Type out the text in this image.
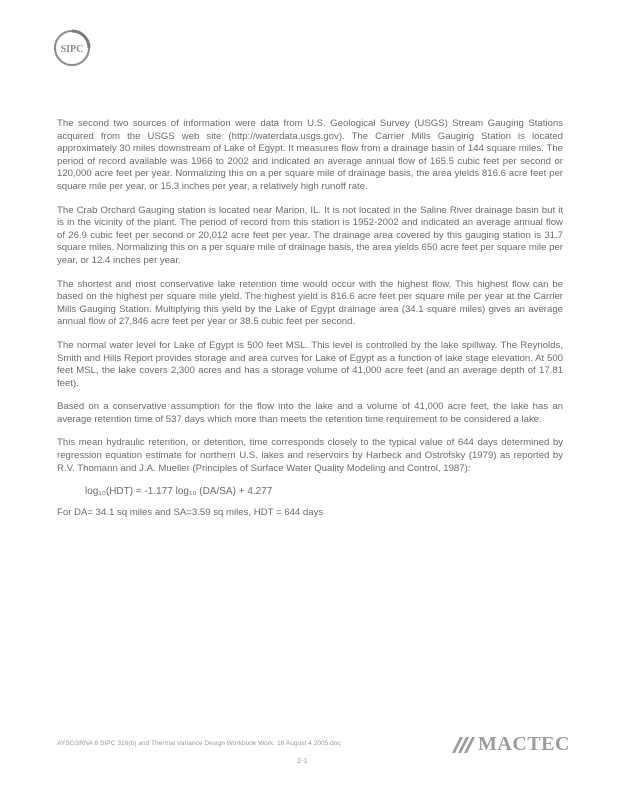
SIPC

The second two sources of information were data from U.S. Geological Survey (USGS) Stream Gauging Stations acquired from the USGS web site (http://waterdata.usgs.gov). The Carrier Mills Gauging Station is located approximately 30 miles downstream of Lake of Egypt. It measures flow from a drainage basin of 144 square miles. The period of record available was 1966 to 2002 and indicated an average annual flow of 165.5 cubic feet per second or 120,000 acre feet per year. Normalizing this on a per square mile of drainage basis, the area yields 816.6 acre feet per square mile per year, or 15.3 inches per year, a relatively high runoff rate.

The Crab Orchard Gauging station is located near Marion, IL. It is not located in the Saline River drainage basin but it is in the vicinity of the plant. The period of record from this station is 1952-2002 and indicated an average annual flow of 26.9 cubic feet per second or 20,012 acre feet per year. The drainage area covered by this gauging station is 31.7 square miles. Normalizing this on a per square mile of drainage basis, the area yields 650 acre feet per square mile per year, or 12.4 inches per year.

The shortest and most conservative lake retention time would occur with the highest flow. This highest flow can be based on the highest per square mile yield. The highest yield is 816.6 acre feet per square mile per year at the Carrier Mills Gauging Station. Multiplying this yield by the Lake of Egypt drainage area (34.1 square miles) gives an average annual flow of 27,846 acre feet per year or 38.5 cubic feet per second.

The normal water level for Lake of Egypt is 500 feet MSL. This level is controlled by the lake spillway. The Reynolds, Smith and Hills Report provides storage and area curves for Lake of Egypt as a function of lake stage elevation. At 500 feet MSL, the lake covers 2,300 acres and has a storage volume of 41,000 acre feet (and an average depth of 17.81 feet).

Based on a conservative assumption for the flow into the lake and a volume of 41,000 acre feet, the lake has an average retention time of 537 days which more than meets the retention time requirement to be considered a lake.

This mean hydraulic retention, or detention, time corresponds closely to the typical value of 644 days determined by regression equation estimate for northern U.S. lakes and reservoirs by Harbeck and Ostrofsky (1979) as reported by R.V. Thomann and J.A. Mueller (Principles of Surface Water Quality Modeling and Control, 1987):

log₁₀(HDT) = -1.177 log₁₀ (DA/SA) + 4.277

For DA= 34.1 sq miles and SA=3.59 sq miles, HDT = 644 days

AYSGSRNA 6 SIPC 316(b) and Thermal Variance Design Workbook Work. 16 August 4 2005.doc
2-1
MACTEC
